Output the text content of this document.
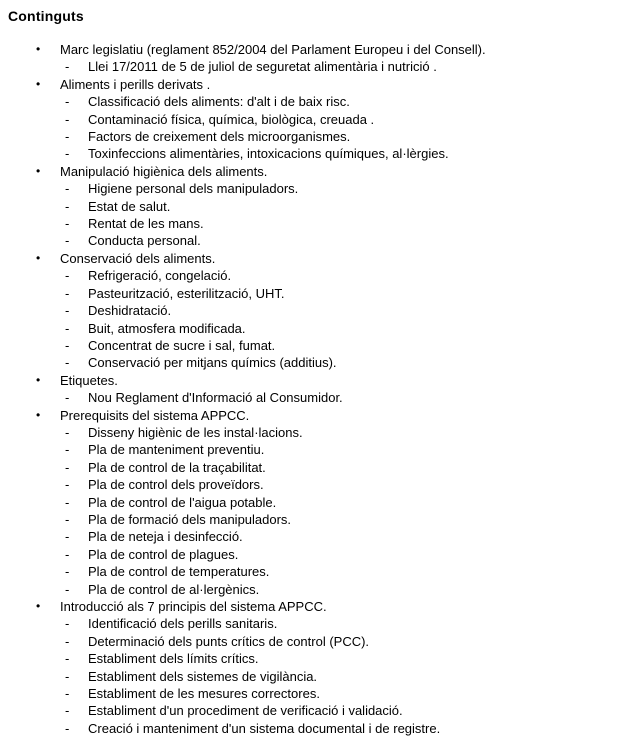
Continguts
•	Marc legislatiu (reglament 852/2004 del Parlament Europeu i del Consell).
-	Llei 17/2011 de 5 de juliol de seguretat alimentària i nutrició .
•	Aliments i perills derivats .
-	Classificació dels aliments: d'alt i de baix risc.
-	Contaminació física, química, biològica, creuada .
-	Factors de creixement dels microorganismes.
-	Toxinfeccions alimentàries, intoxicacions químiques, al·lèrgies.
•	Manipulació higiènica dels aliments.
-	Higiene personal dels manipuladors.
-	Estat de salut.
-	Rentat de les mans.
-	Conducta personal.
•	Conservació dels aliments.
-	Refrigeració, congelació.
-	Pasteurització, esterilització, UHT.
-	Deshidratació.
-	Buit, atmosfera modificada.
-	Concentrat de sucre i sal, fumat.
-	Conservació per mitjans químics (additius).
•	Etiquetes.
-	Nou Reglament d'Informació al Consumidor.
•	Prerequisits del sistema APPCC.
-	Disseny higiènic de les instal·lacions.
-	Pla de manteniment preventiu.
-	Pla de control de la traçabilitat.
-	Pla de control dels proveïdors.
-	Pla de control de l'aigua potable.
-	Pla de formació dels manipuladors.
-	Pla de neteja i desinfecció.
-	Pla de control de plagues.
-	Pla de control de temperatures.
-	Pla de control de al·lergènics.
•	Introducció als 7 principis del sistema APPCC.
-	Identificació dels perills sanitaris.
-	Determinació dels punts crítics de control (PCC).
-	Establiment dels límits crítics.
-	Establiment dels sistemes de vigilància.
-	Establiment de les mesures correctores.
-	Establiment d'un procediment de verificació i validació.
-	Creació i manteniment d'un sistema documental i de registre.
